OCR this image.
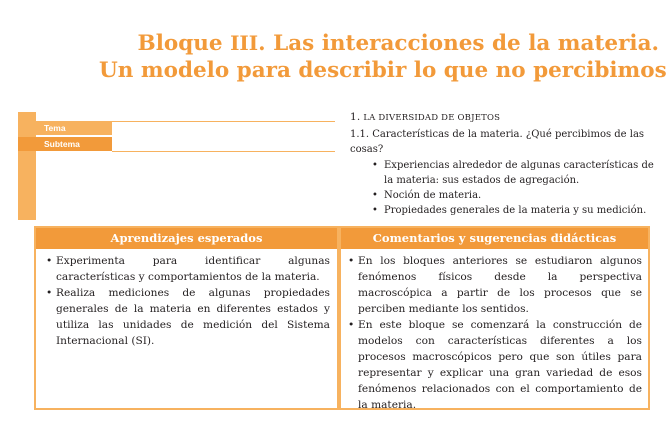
Bloque III. Las interacciones de la materia.
Un modelo para describir lo que no percibimos
Tema
Subtema
1. LA DIVERSIDAD DE OBJETOS
1.1. Características de la materia. ¿Qué percibimos de las cosas?
• Experiencias alrededor de algunas características de la materia: sus estados de agregación.
• Noción de materia.
• Propiedades generales de la materia y su medición.
Aprendizajes esperados	Comentarios y sugerencias didácticas
• Experimenta para identificar algunas características y comportamientos de la materia.
• Realiza mediciones de algunas propiedades generales de la materia en diferentes estados y utiliza las unidades de medición del Sistema Internacional (SI).
• En los bloques anteriores se estudiaron algunos fenómenos físicos desde la perspectiva macroscópica a partir de los procesos que se perciben mediante los sentidos.
• En este bloque se comenzará la construcción de modelos con características diferentes a los procesos macroscópicos pero que son útiles para representar y explicar una gran variedad de esos fenómenos relacionados con el comportamiento de la materia.
